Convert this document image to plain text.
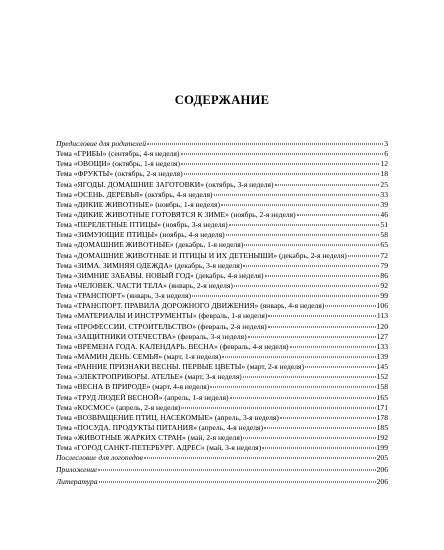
СОДЕРЖАНИЕ
Предисловие для родителей	3
Тема «ГРИБЫ» (сентябрь, 4-я неделя)	6
Тема «ОВОЩИ» (октябрь, 1-я неделя)	12
Тема «ФРУКТЫ» (октябрь, 2-я неделя)	18
Тема «ЯГОДЫ. ДОМАШНИЕ ЗАГОТОВКИ» (октябрь, 3-я неделя)	25
Тема «ОСЕНЬ. ДЕРЕВЬЯ» (октябрь, 4-я неделя)	33
Тема «ДИКИЕ ЖИВОТНЫЕ» (ноябрь, 1-я неделя)	39
Тема «ДИКИЕ ЖИВОТНЫЕ ГОТОВЯТСЯ К ЗИМЕ» (ноябрь, 2-я неделя)	46
Тема «ПЕРЕЛЕТНЫЕ ПТИЦЫ» (ноябрь, 3-я неделя)	51
Тема «ЗИМУЮЩИЕ ПТИЦЫ» (ноябрь, 4-я неделя)	58
Тема «ДОМАШНИЕ ЖИВОТНЫЕ» (декабрь, 1-я неделя)	65
Тема «ДОМАШНИЕ ЖИВОТНЫЕ И ПТИЦЫ И ИХ ДЕТЕНЫШИ» (декабрь, 2-я неделя)	72
Тема «ЗИМА. ЗИМНЯЯ ОДЕЖДА» (декабрь, 3-я неделя)	79
Тема «ЗИМНИЕ ЗАБАВЫ. НОВЫЙ ГОД» (декабрь, 4-я неделя)	86
Тема «ЧЕЛОВЕК. ЧАСТИ ТЕЛА» (январь, 2-я неделя)	92
Тема «ТРАНСПОРТ» (январь, 3-я неделя)	99
Тема «ТРАНСПОРТ. ПРАВИЛА ДОРОЖНОГО ДВИЖЕНИЯ» (январь, 4-я неделя)	106
Тема «МАТЕРИАЛЫ И ИНСТРУМЕНТЫ» (февраль, 1-я неделя)	113
Тема «ПРОФЕССИИ. СТРОИТЕЛЬСТВО» (февраль, 2-я неделя)	120
Тема «ЗАЩИТНИКИ ОТЕЧЕСТВА» (февраль, 3-я неделя)	127
Тема «ВРЕМЕНА ГОДА. КАЛЕНДАРЬ. ВЕСНА» (февраль, 4-я неделя)	133
Тема «МАМИН ДЕНЬ. СЕМЬЯ» (март, 1-я неделя)	139
Тема «РАННИЕ ПРИЗНАКИ ВЕСНЫ. ПЕРВЫЕ ЦВЕТЫ» (март, 2-я неделя)	145
Тема «ЭЛЕКТРОПРИБОРЫ. АТЕЛЬЕ» (март, 3-я неделя)	152
Тема «ВЕСНА В ПРИРОДЕ» (март, 4-я неделя)	158
Тема «ТРУД ЛЮДЕЙ ВЕСНОЙ» (апрель, 1-я неделя)	165
Тема «КОСМОС» (апрель, 2-я неделя)	171
Тема «ВОЗВРАЩЕНИЕ ПТИЦ. НАСЕКОМЫЕ» (апрель, 3-я неделя)	178
Тема «ПОСУДА. ПРОДУКТЫ ПИТАНИЯ» (апрель, 4-я неделя)	185
Тема «ЖИВОТНЫЕ ЖАРКИХ СТРАН» (май, 2-я неделя)	192
Тема «ГОРОД САНКТ-ПЕТЕРБУРГ. АДРЕС» (май, 3-я неделя)	199
Послесловие для логопедов	205
Приложение	206
Литература	206
